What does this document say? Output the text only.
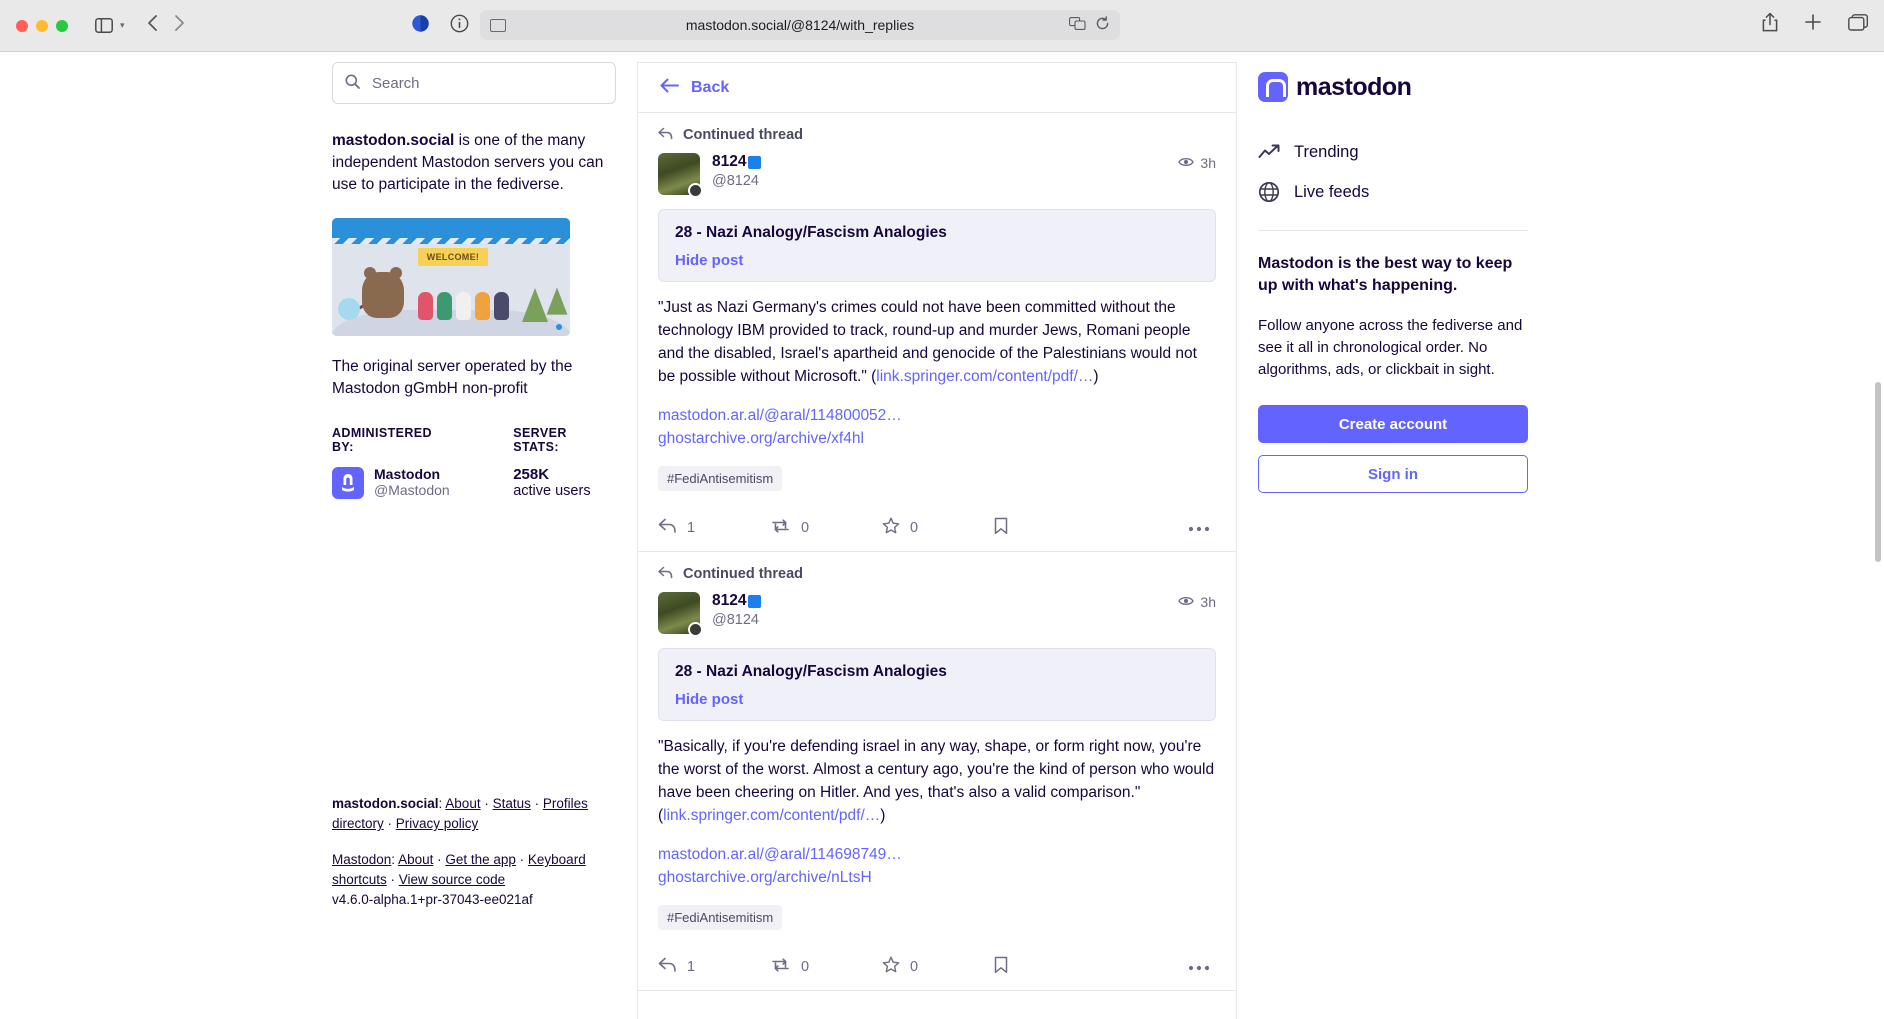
▾	mastodon.social/@8124/with_replies
Search
mastodon.social is one of the many independent Mastodon servers you can use to participate in the fediverse.
WELCOME!
The original server operated by the Mastodon gGmbH non-profit
ADMINISTERED BY:
Mastodon
@Mastodon
SERVER STATS:
258K
active users
mastodon.social: About · Status · Profiles directory · Privacy policy
Mastodon: About · Get the app · Keyboard shortcuts · View source code
v4.6.0-alpha.1+pr-37043-ee021af
Back
Continued thread
8124
@8124
3h
28 - Nazi Analogy/Fascism Analogies
Hide post
"Just as Nazi Germany's crimes could not have been committed without the technology IBM provided to track, round-up and murder Jews, Romani people and the disabled, Israel's apartheid and genocide of the Palestinians would not be possible without Microsoft." (link.springer.com/content/pdf/…)
mastodon.ar.al/@aral/114800052…
ghostarchive.org/archive/xf4hl
#FediAntisemitism
1	0	0
Continued thread
8124
@8124
3h
28 - Nazi Analogy/Fascism Analogies
Hide post
"Basically, if you're defending israel in any way, shape, or form right now, you're the worst of the worst. Almost a century ago, you're the kind of person who would have been cheering on Hitler. And yes, that's also a valid comparison." (link.springer.com/content/pdf/…)
mastodon.ar.al/@aral/114698749…
ghostarchive.org/archive/nLtsH
#FediAntisemitism
1	0	0
mastodon
Trending
Live feeds
Mastodon is the best way to keep up with what's happening.
Follow anyone across the fediverse and see it all in chronological order. No algorithms, ads, or clickbait in sight.
Create account
Sign in
